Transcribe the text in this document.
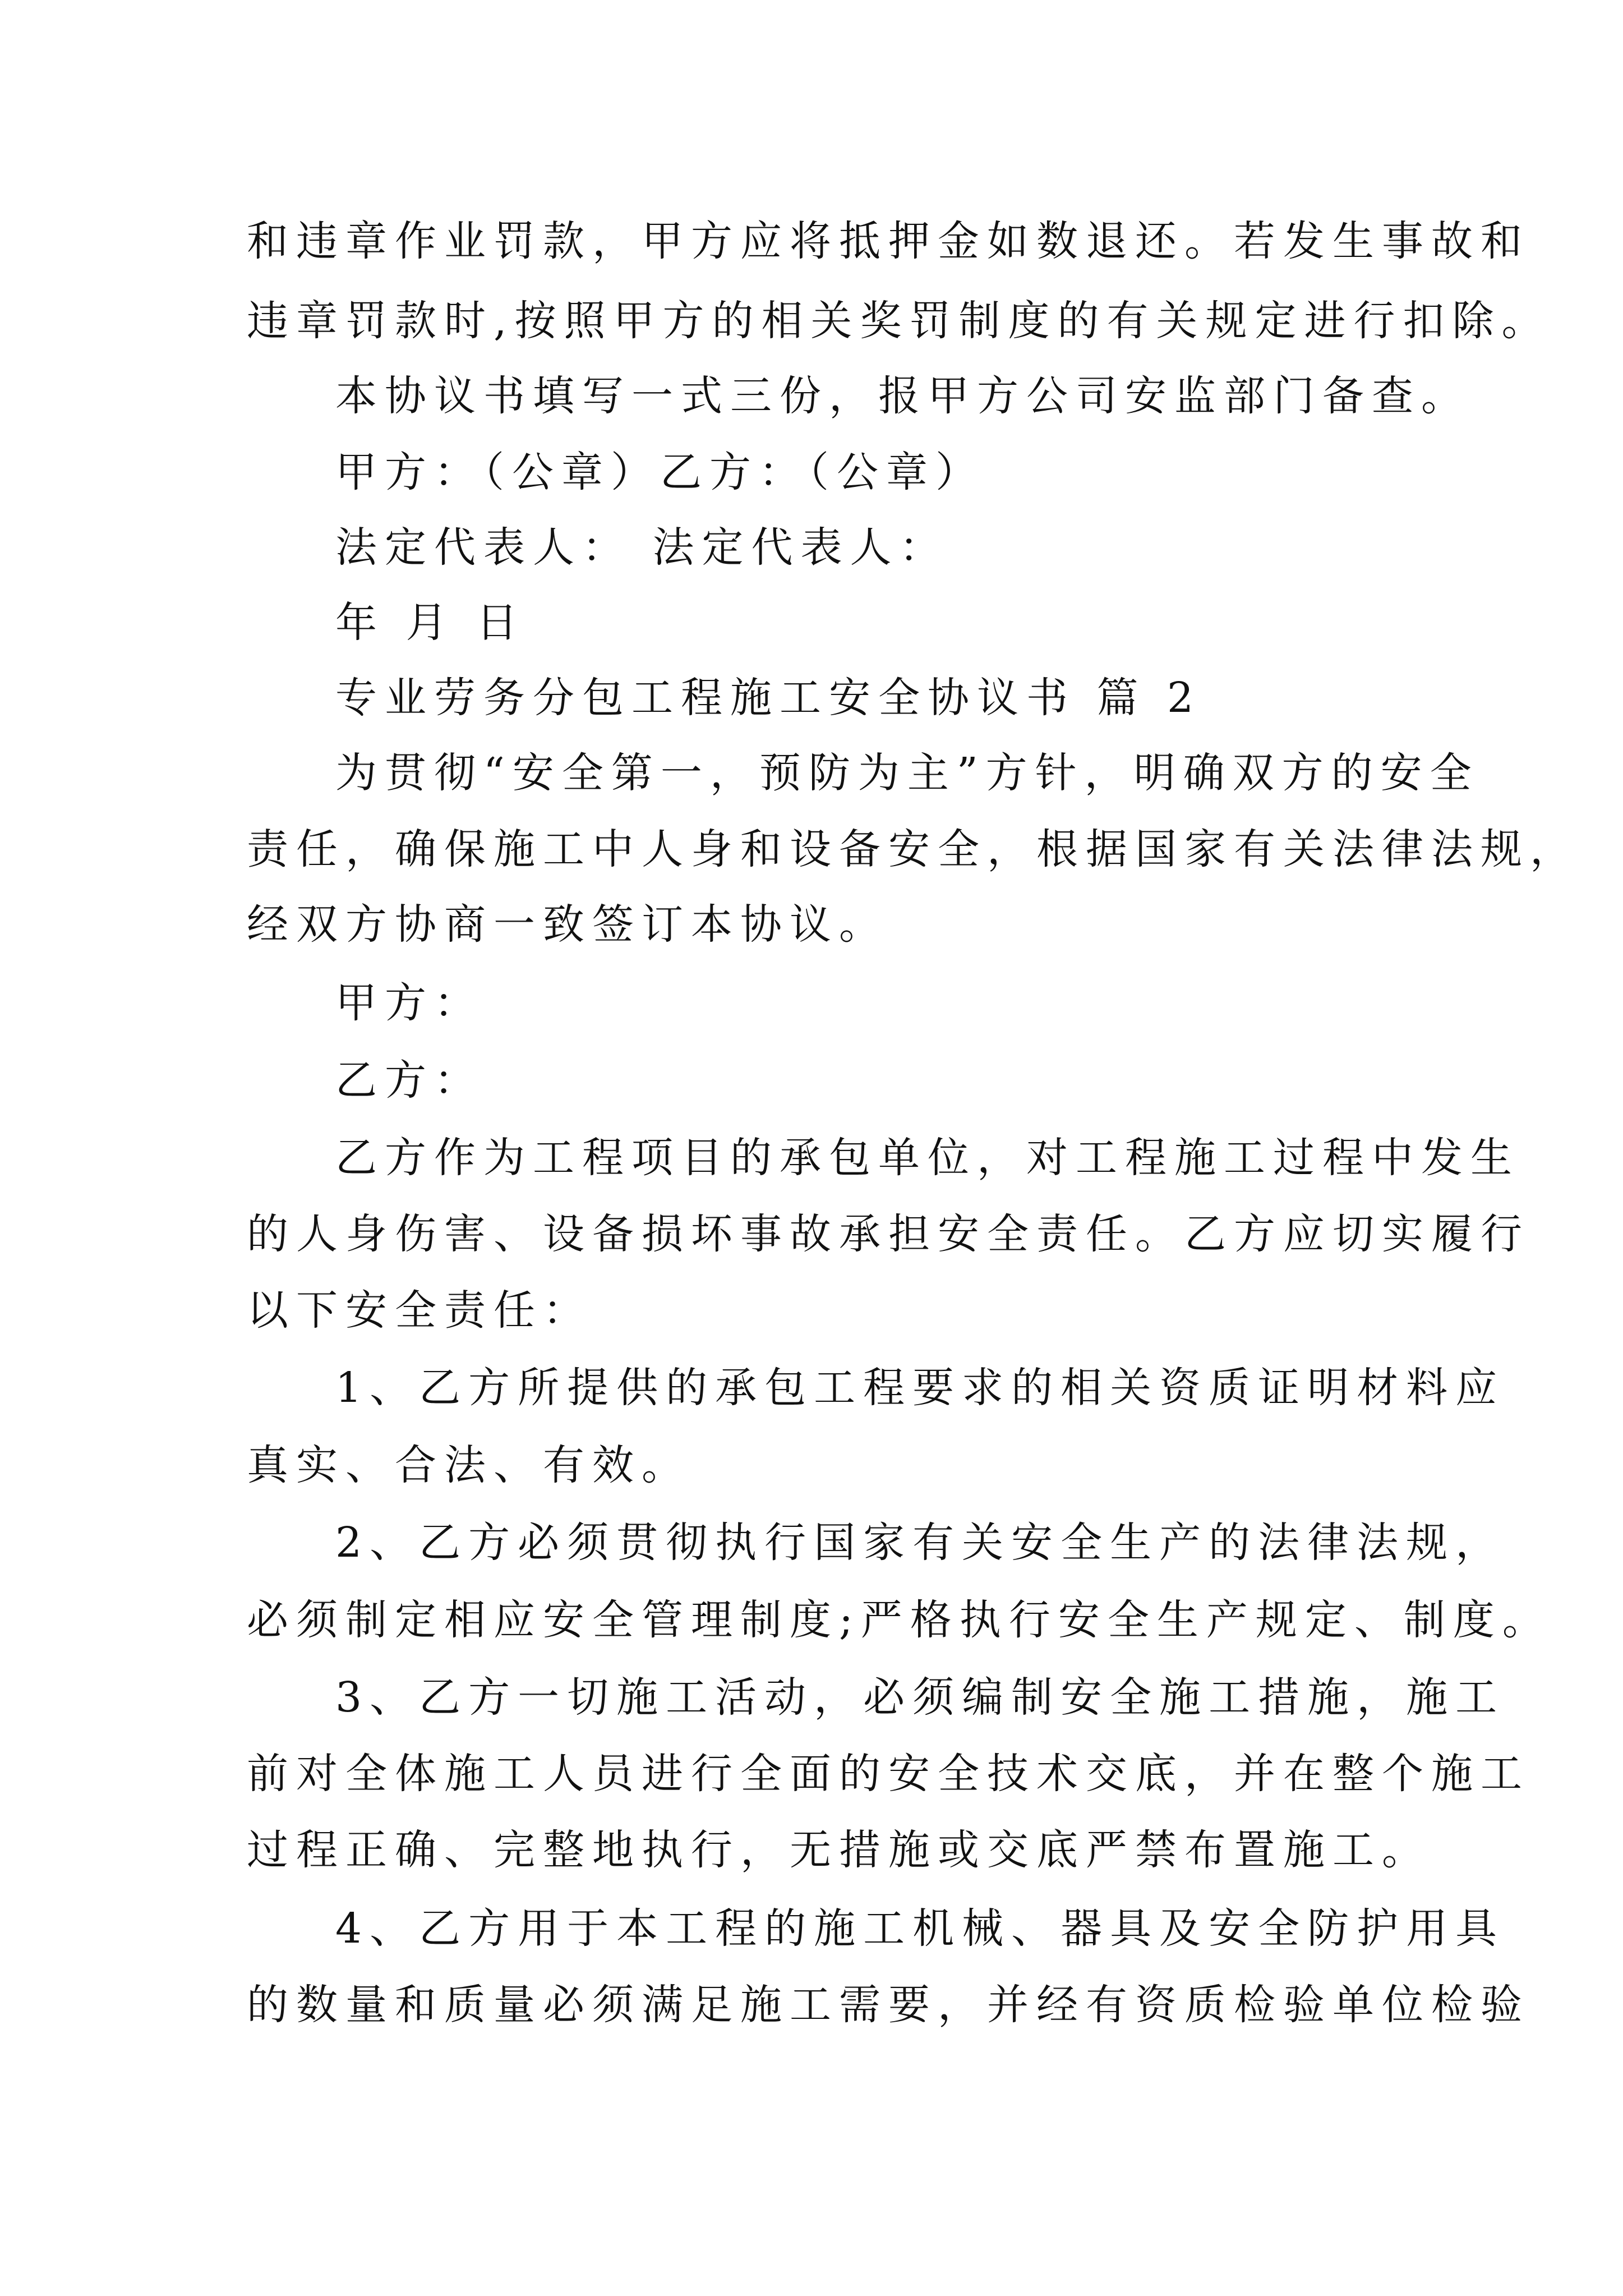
和违章作业罚款，甲方应将抵押金如数退还。若发生事故和
违章罚款时,按照甲方的相关奖罚制度的有关规定进行扣除。
本协议书填写一式三份，报甲方公司安监部门备查。
甲方：（公章）乙方：（公章）
法定代表人： 法定代表人：
年 月 日
专业劳务分包工程施工安全协议书 篇 2
为贯彻“安全第一，预防为主”方针，明确双方的安全
责任，确保施工中人身和设备安全，根据国家有关法律法规，
经双方协商一致签订本协议。
甲方：
乙方：
乙方作为工程项目的承包单位，对工程施工过程中发生
的人身伤害、设备损坏事故承担安全责任。乙方应切实履行
以下安全责任：
1、乙方所提供的承包工程要求的相关资质证明材料应
真实、合法、有效。
2、乙方必须贯彻执行国家有关安全生产的法律法规，
必须制定相应安全管理制度;严格执行安全生产规定、制度。
3、乙方一切施工活动，必须编制安全施工措施，施工
前对全体施工人员进行全面的安全技术交底，并在整个施工
过程正确、完整地执行，无措施或交底严禁布置施工。
4、乙方用于本工程的施工机械、器具及安全防护用具
的数量和质量必须满足施工需要，并经有资质检验单位检验
